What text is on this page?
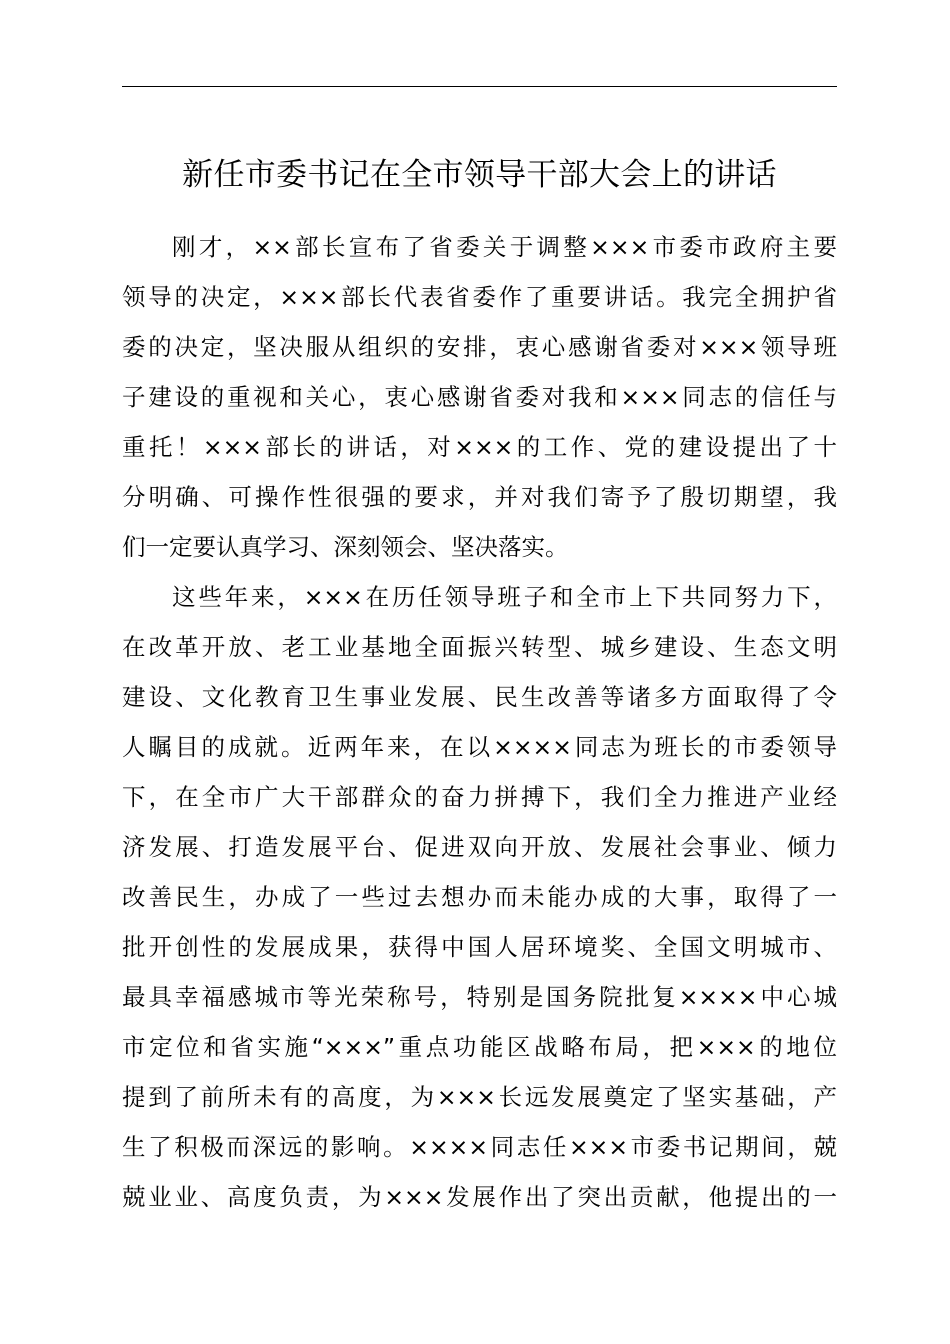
新任市委书记在全市领导干部大会上的讲话
刚才，××部长宣布了省委关于调整×××市委市政府主要
领导的决定，×××部长代表省委作了重要讲话。我完全拥护省
委的决定，坚决服从组织的安排，衷心感谢省委对×××领导班
子建设的重视和关心，衷心感谢省委对我和×××同志的信任与
重托！×××部长的讲话，对×××的工作、党的建设提出了十
分明确、可操作性很强的要求，并对我们寄予了殷切期望，我
们一定要认真学习、深刻领会、坚决落实。
这些年来，×××在历任领导班子和全市上下共同努力下，
在改革开放、老工业基地全面振兴转型、城乡建设、生态文明
建设、文化教育卫生事业发展、民生改善等诸多方面取得了令
人瞩目的成就。近两年来，在以××××同志为班长的市委领导
下，在全市广大干部群众的奋力拼搏下，我们全力推进产业经
济发展、打造发展平台、促进双向开放、发展社会事业、倾力
改善民生，办成了一些过去想办而未能办成的大事，取得了一
批开创性的发展成果，获得中国人居环境奖、全国文明城市、
最具幸福感城市等光荣称号，特别是国务院批复××××中心城
市定位和省实施“×××”重点功能区战略布局，把×××的地位
提到了前所未有的高度，为×××长远发展奠定了坚实基础，产
生了积极而深远的影响。××××同志任×××市委书记期间，兢
兢业业、高度负责，为×××发展作出了突出贡献，他提出的一
